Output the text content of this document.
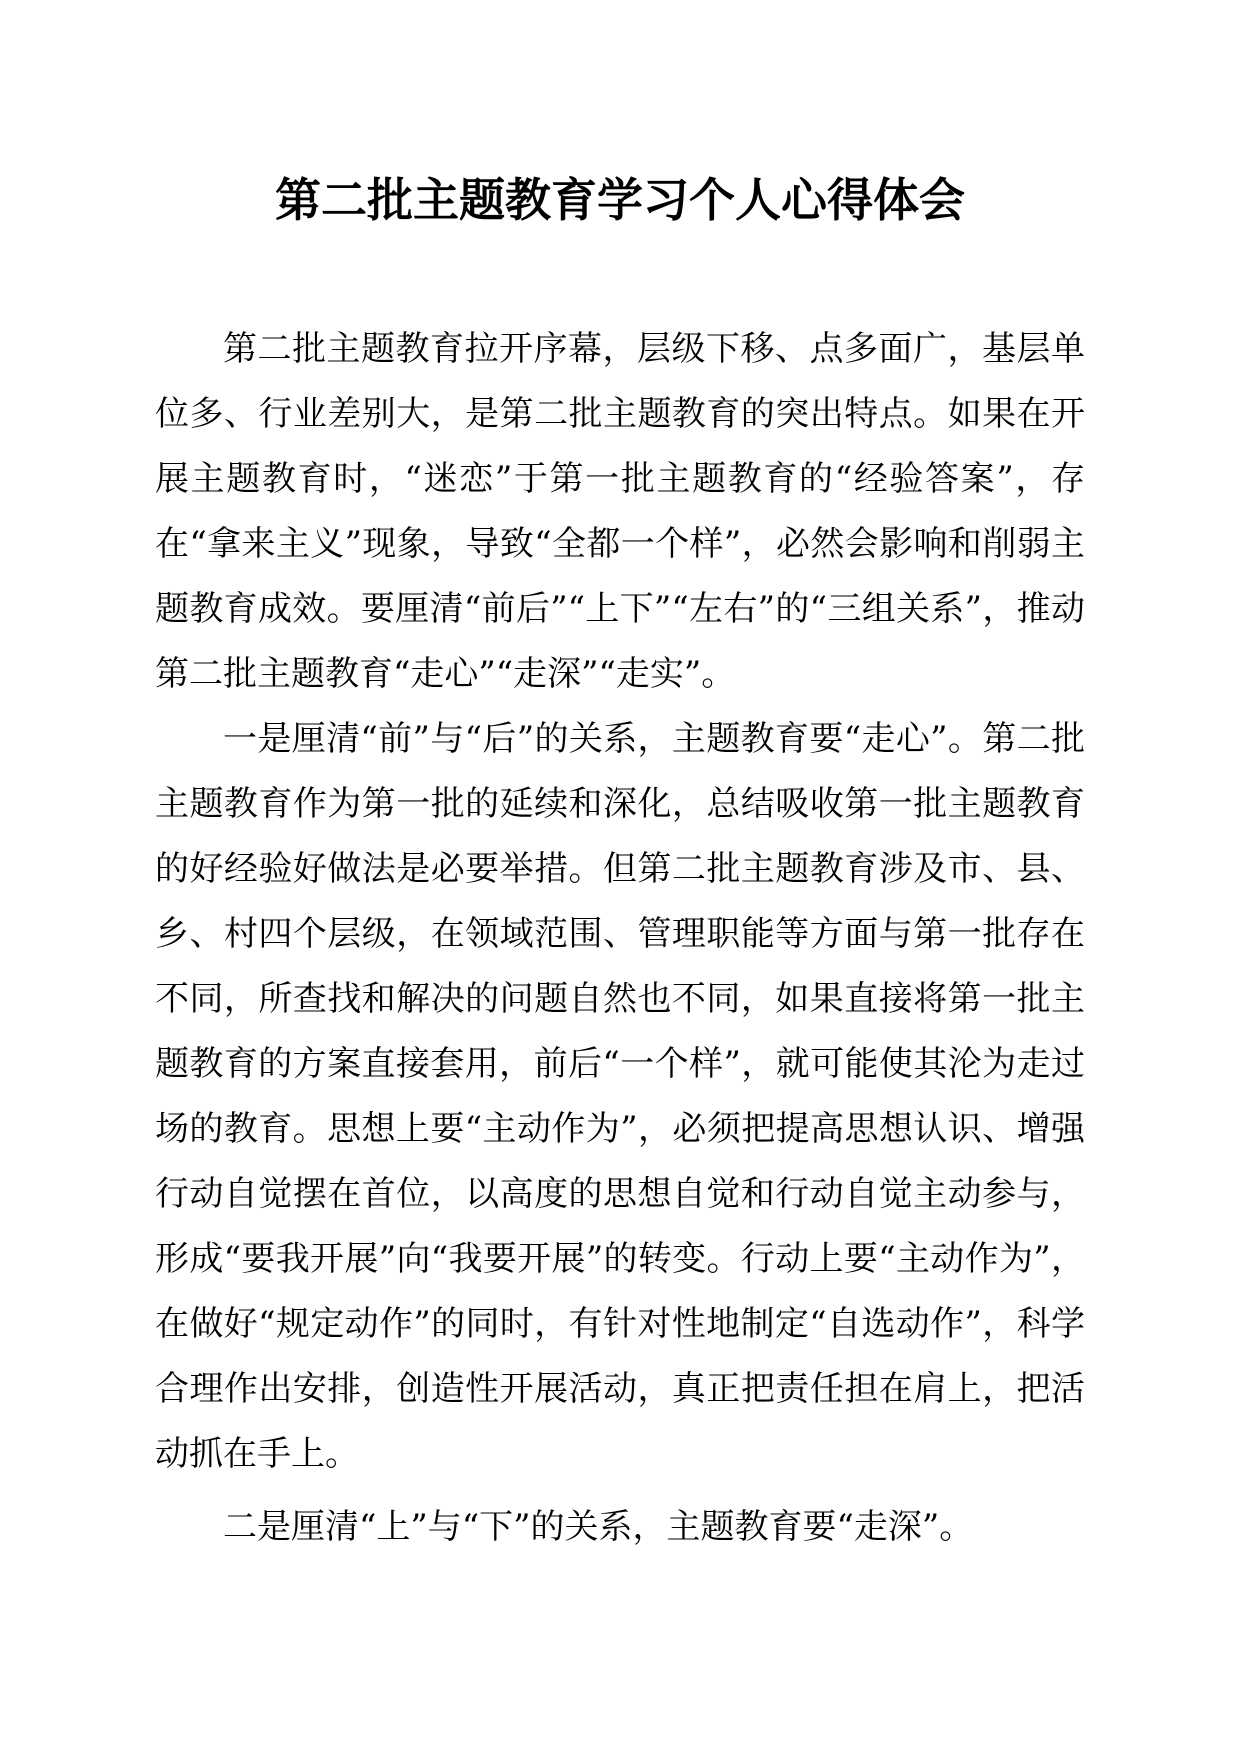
第二批主题教育学习个人心得体会

第二批主题教育拉开序幕，层级下移、点多面广，基层单位多、行业差别大，是第二批主题教育的突出特点。如果在开展主题教育时，“迷恋”于第一批主题教育的“经验答案”，存在“拿来主义”现象，导致“全都一个样”，必然会影响和削弱主题教育成效。要厘清“前后”“上下”“左右”的“三组关系”，推动第二批主题教育“走心”“走深”“走实”。

一是厘清“前”与“后”的关系，主题教育要“走心”。第二批主题教育作为第一批的延续和深化，总结吸收第一批主题教育的好经验好做法是必要举措。但第二批主题教育涉及市、县、乡、村四个层级，在领域范围、管理职能等方面与第一批存在不同，所查找和解决的问题自然也不同，如果直接将第一批主题教育的方案直接套用，前后“一个样”，就可能使其沦为走过场的教育。思想上要“主动作为”，必须把提高思想认识、增强行动自觉摆在首位，以高度的思想自觉和行动自觉主动参与，形成“要我开展”向“我要开展”的转变。行动上要“主动作为”，在做好“规定动作”的同时，有针对性地制定“自选动作”，科学合理作出安排，创造性开展活动，真正把责任担在肩上，把活动抓在手上。

二是厘清“上”与“下”的关系，主题教育要“走深”。
